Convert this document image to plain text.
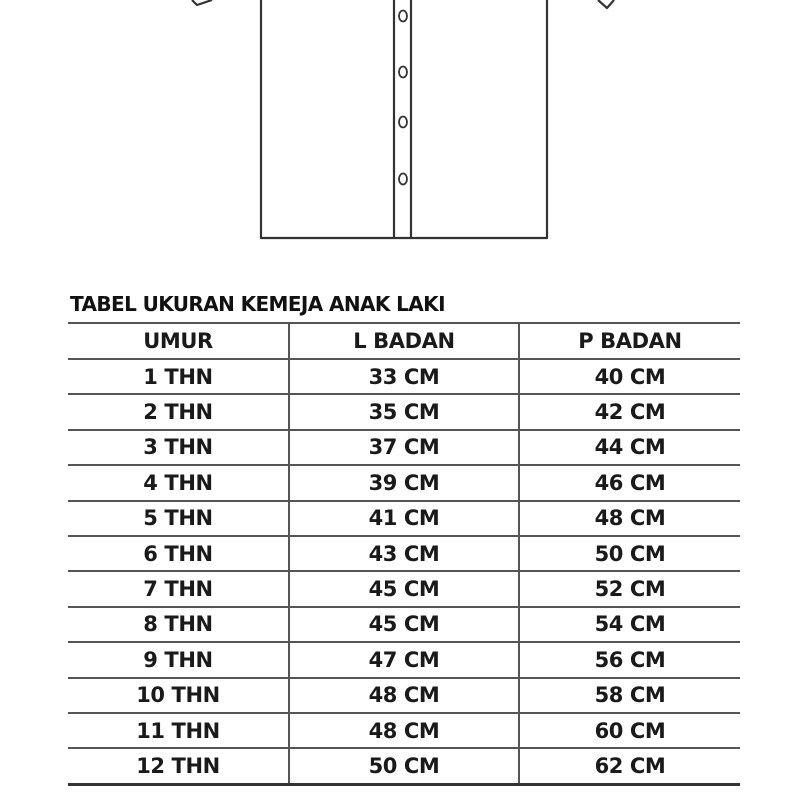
TABEL UKURAN KEMEJA ANAK LAKI
UMUR	L BADAN	P BADAN
1 THN	33 CM	40 CM
2 THN	35 CM	42 CM
3 THN	37 CM	44 CM
4 THN	39 CM	46 CM
5 THN	41 CM	48 CM
6 THN	43 CM	50 CM
7 THN	45 CM	52 CM
8 THN	45 CM	54 CM
9 THN	47 CM	56 CM
10 THN	48 CM	58 CM
11 THN	48 CM	60 CM
12 THN	50 CM	62 CM
